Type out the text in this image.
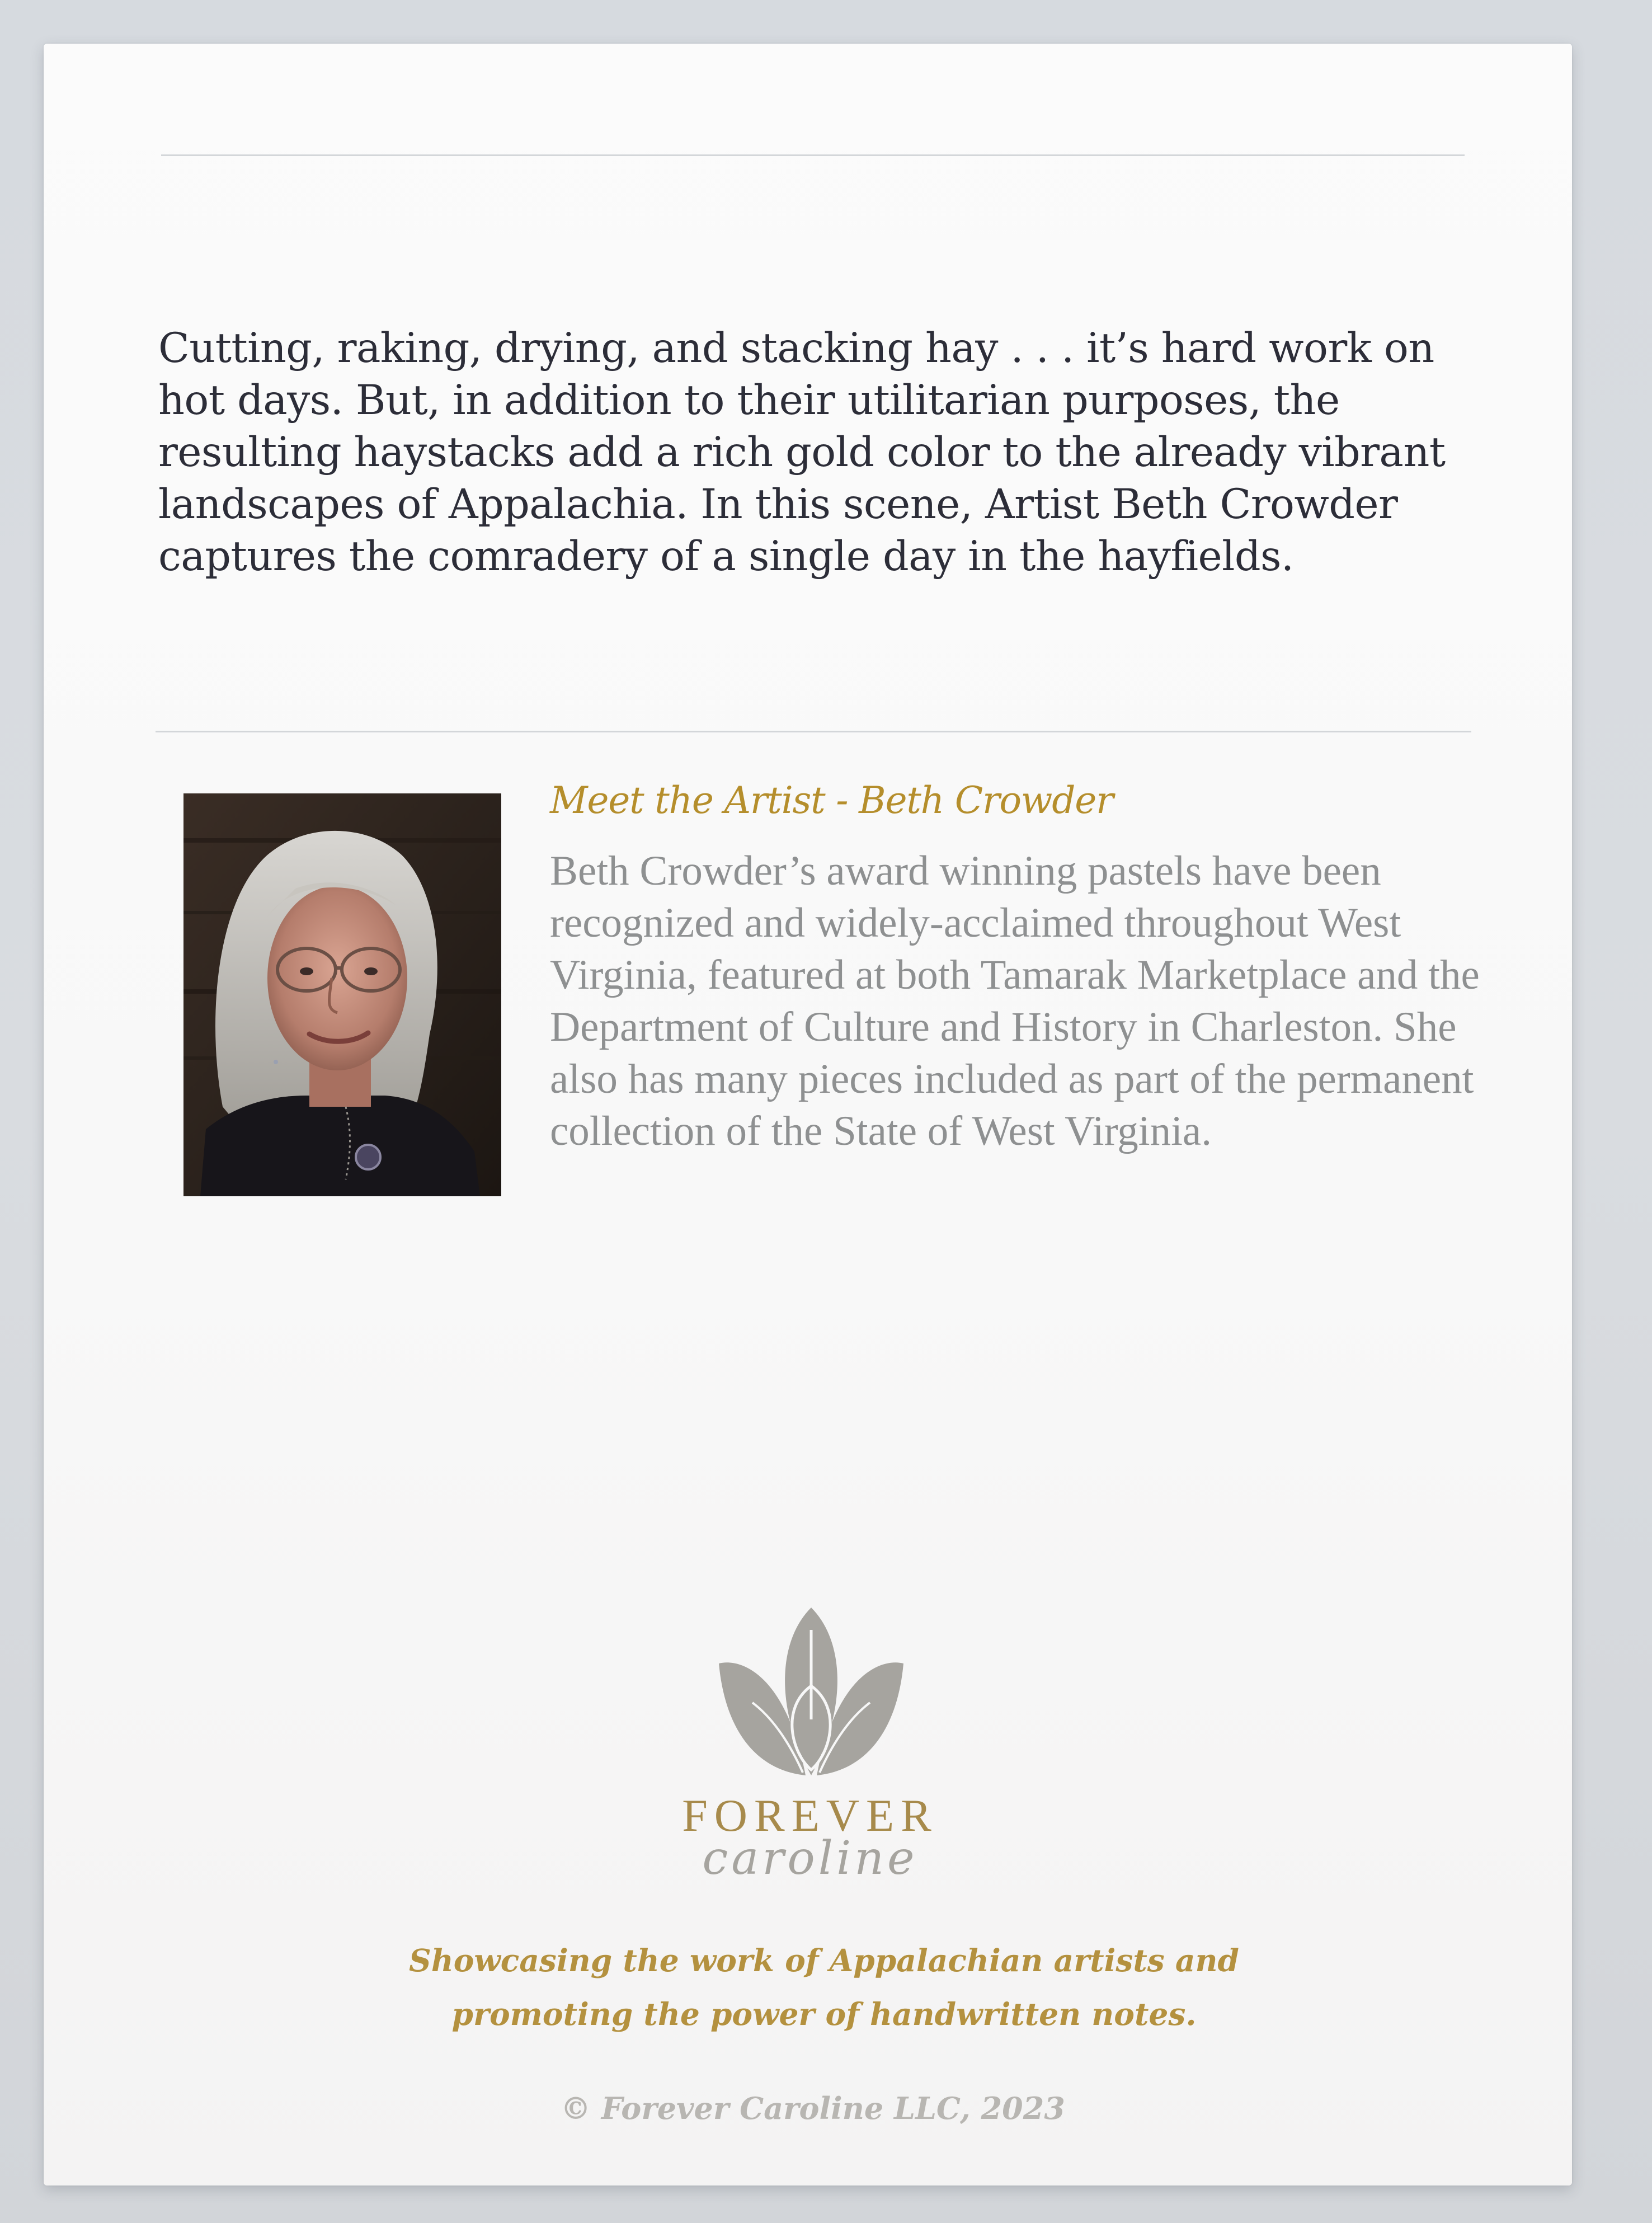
Cutting, raking, drying, and stacking hay . . . it’s hard work on hot days. But, in addition to their utilitarian purposes, the resulting haystacks add a rich gold color to the already vibrant landscapes of Appalachia. In this scene, Artist Beth Crowder captures the comradery of a single day in the hayfields.

Meet the Artist - Beth Crowder

Beth Crowder’s award winning pastels have been recognized and widely-acclaimed throughout West Virginia, featured at both Tamarak Marketplace and the Department of Culture and History in Charleston. She also has many pieces included as part of the permanent collection of the State of West Virginia.

FOREVER

caroline

Showcasing the work of Appalachian artists and promoting the power of handwritten notes.

© Forever Caroline LLC, 2023
